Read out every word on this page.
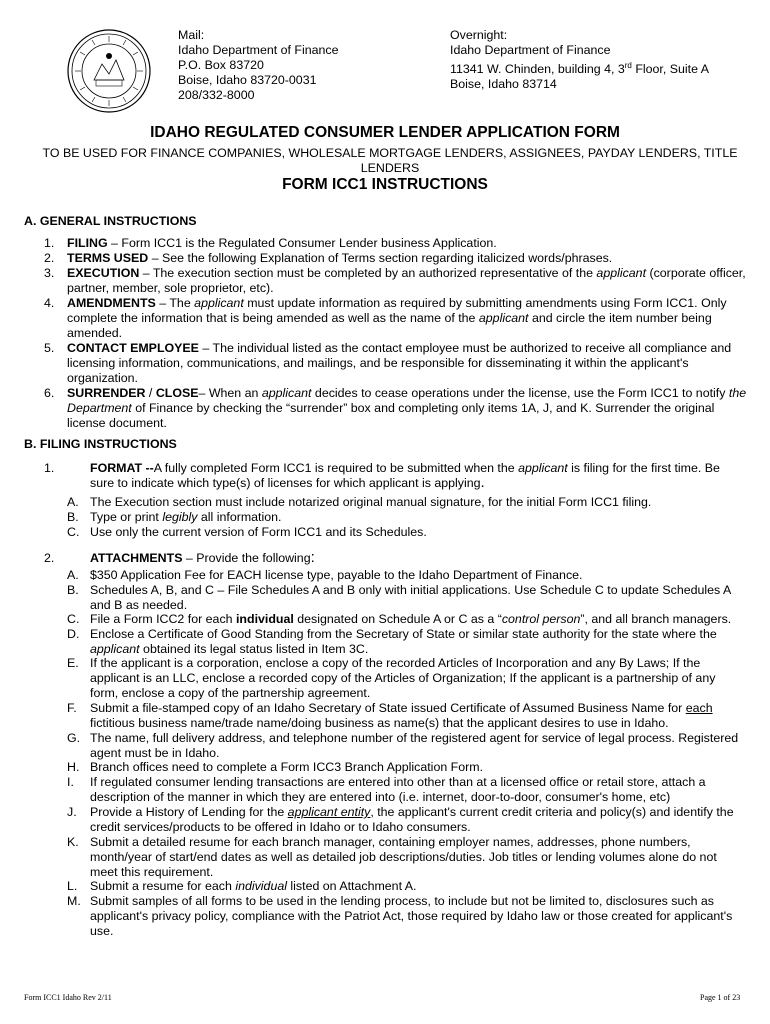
Mail:
Idaho Department of Finance
P.O. Box 83720
Boise, Idaho 83720-0031
208/332-8000
Overnight:
Idaho Department of Finance
11341 W. Chinden, building 4, 3rd Floor, Suite A
Boise, Idaho 83714
IDAHO REGULATED CONSUMER LENDER APPLICATION FORM
TO BE USED FOR FINANCE COMPANIES, WHOLESALE MORTGAGE LENDERS, ASSIGNEES, PAYDAY LENDERS, TITLE LENDERS
FORM ICC1 INSTRUCTIONS
A. GENERAL INSTRUCTIONS
1. FILING – Form ICC1 is the Regulated Consumer Lender business Application.
2. TERMS USED – See the following Explanation of Terms section regarding italicized words/phrases.
3. EXECUTION – The execution section must be completed by an authorized representative of the applicant (corporate officer, partner, member, sole proprietor, etc).
4. AMENDMENTS – The applicant must update information as required by submitting amendments using Form ICC1. Only complete the information that is being amended as well as the name of the applicant and circle the item number being amended.
5. CONTACT EMPLOYEE – The individual listed as the contact employee must be authorized to receive all compliance and licensing information, communications, and mailings, and be responsible for disseminating it within the applicant's organization.
6. SURRENDER / CLOSE– When an applicant decides to cease operations under the license, use the Form ICC1 to notify the Department of Finance by checking the “surrender” box and completing only items 1A, J, and K. Surrender the original license document.
B. FILING INSTRUCTIONS
1.	FORMAT --A fully completed Form ICC1 is required to be submitted when the applicant is filing for the first time. Be sure to indicate which type(s) of licenses for which applicant is applying.
A. The Execution section must include notarized original manual signature, for the initial Form ICC1 filing.
B. Type or print legibly all information.
C. Use only the current version of Form ICC1 and its Schedules.
2.	ATTACHMENTS – Provide the following:
A. $350 Application Fee for EACH license type, payable to the Idaho Department of Finance.
B. Schedules A, B, and C – File Schedules A and B only with initial applications. Use Schedule C to update Schedules A and B as needed.
C. File a Form ICC2 for each individual designated on Schedule A or C as a “control person”, and all branch managers.
D. Enclose a Certificate of Good Standing from the Secretary of State or similar state authority for the state where the applicant obtained its legal status listed in Item 3C.
E. If the applicant is a corporation, enclose a copy of the recorded Articles of Incorporation and any By Laws; If the applicant is an LLC, enclose a recorded copy of the Articles of Organization; If the applicant is a partnership of any form, enclose a copy of the partnership agreement.
F. Submit a file-stamped copy of an Idaho Secretary of State issued Certificate of Assumed Business Name for each fictitious business name/trade name/doing business as name(s) that the applicant desires to use in Idaho.
G. The name, full delivery address, and telephone number of the registered agent for service of legal process. Registered agent must be in Idaho.
H. Branch offices need to complete a Form ICC3 Branch Application Form.
I. If regulated consumer lending transactions are entered into other than at a licensed office or retail store, attach a description of the manner in which they are entered into (i.e. internet, door-to-door, consumer's home, etc)
J. Provide a History of Lending for the applicant entity, the applicant's current credit criteria and policy(s) and identify the credit services/products to be offered in Idaho or to Idaho consumers.
K. Submit a detailed resume for each branch manager, containing employer names, addresses, phone numbers, month/year of start/end dates as well as detailed job descriptions/duties. Job titles or lending volumes alone do not meet this requirement.
L. Submit a resume for each individual listed on Attachment A.
M. Submit samples of all forms to be used in the lending process, to include but not be limited to, disclosures such as applicant's privacy policy, compliance with the Patriot Act, those required by Idaho law or those created for applicant's use.
Form ICC1 Idaho Rev 2/11	Page 1 of 23
